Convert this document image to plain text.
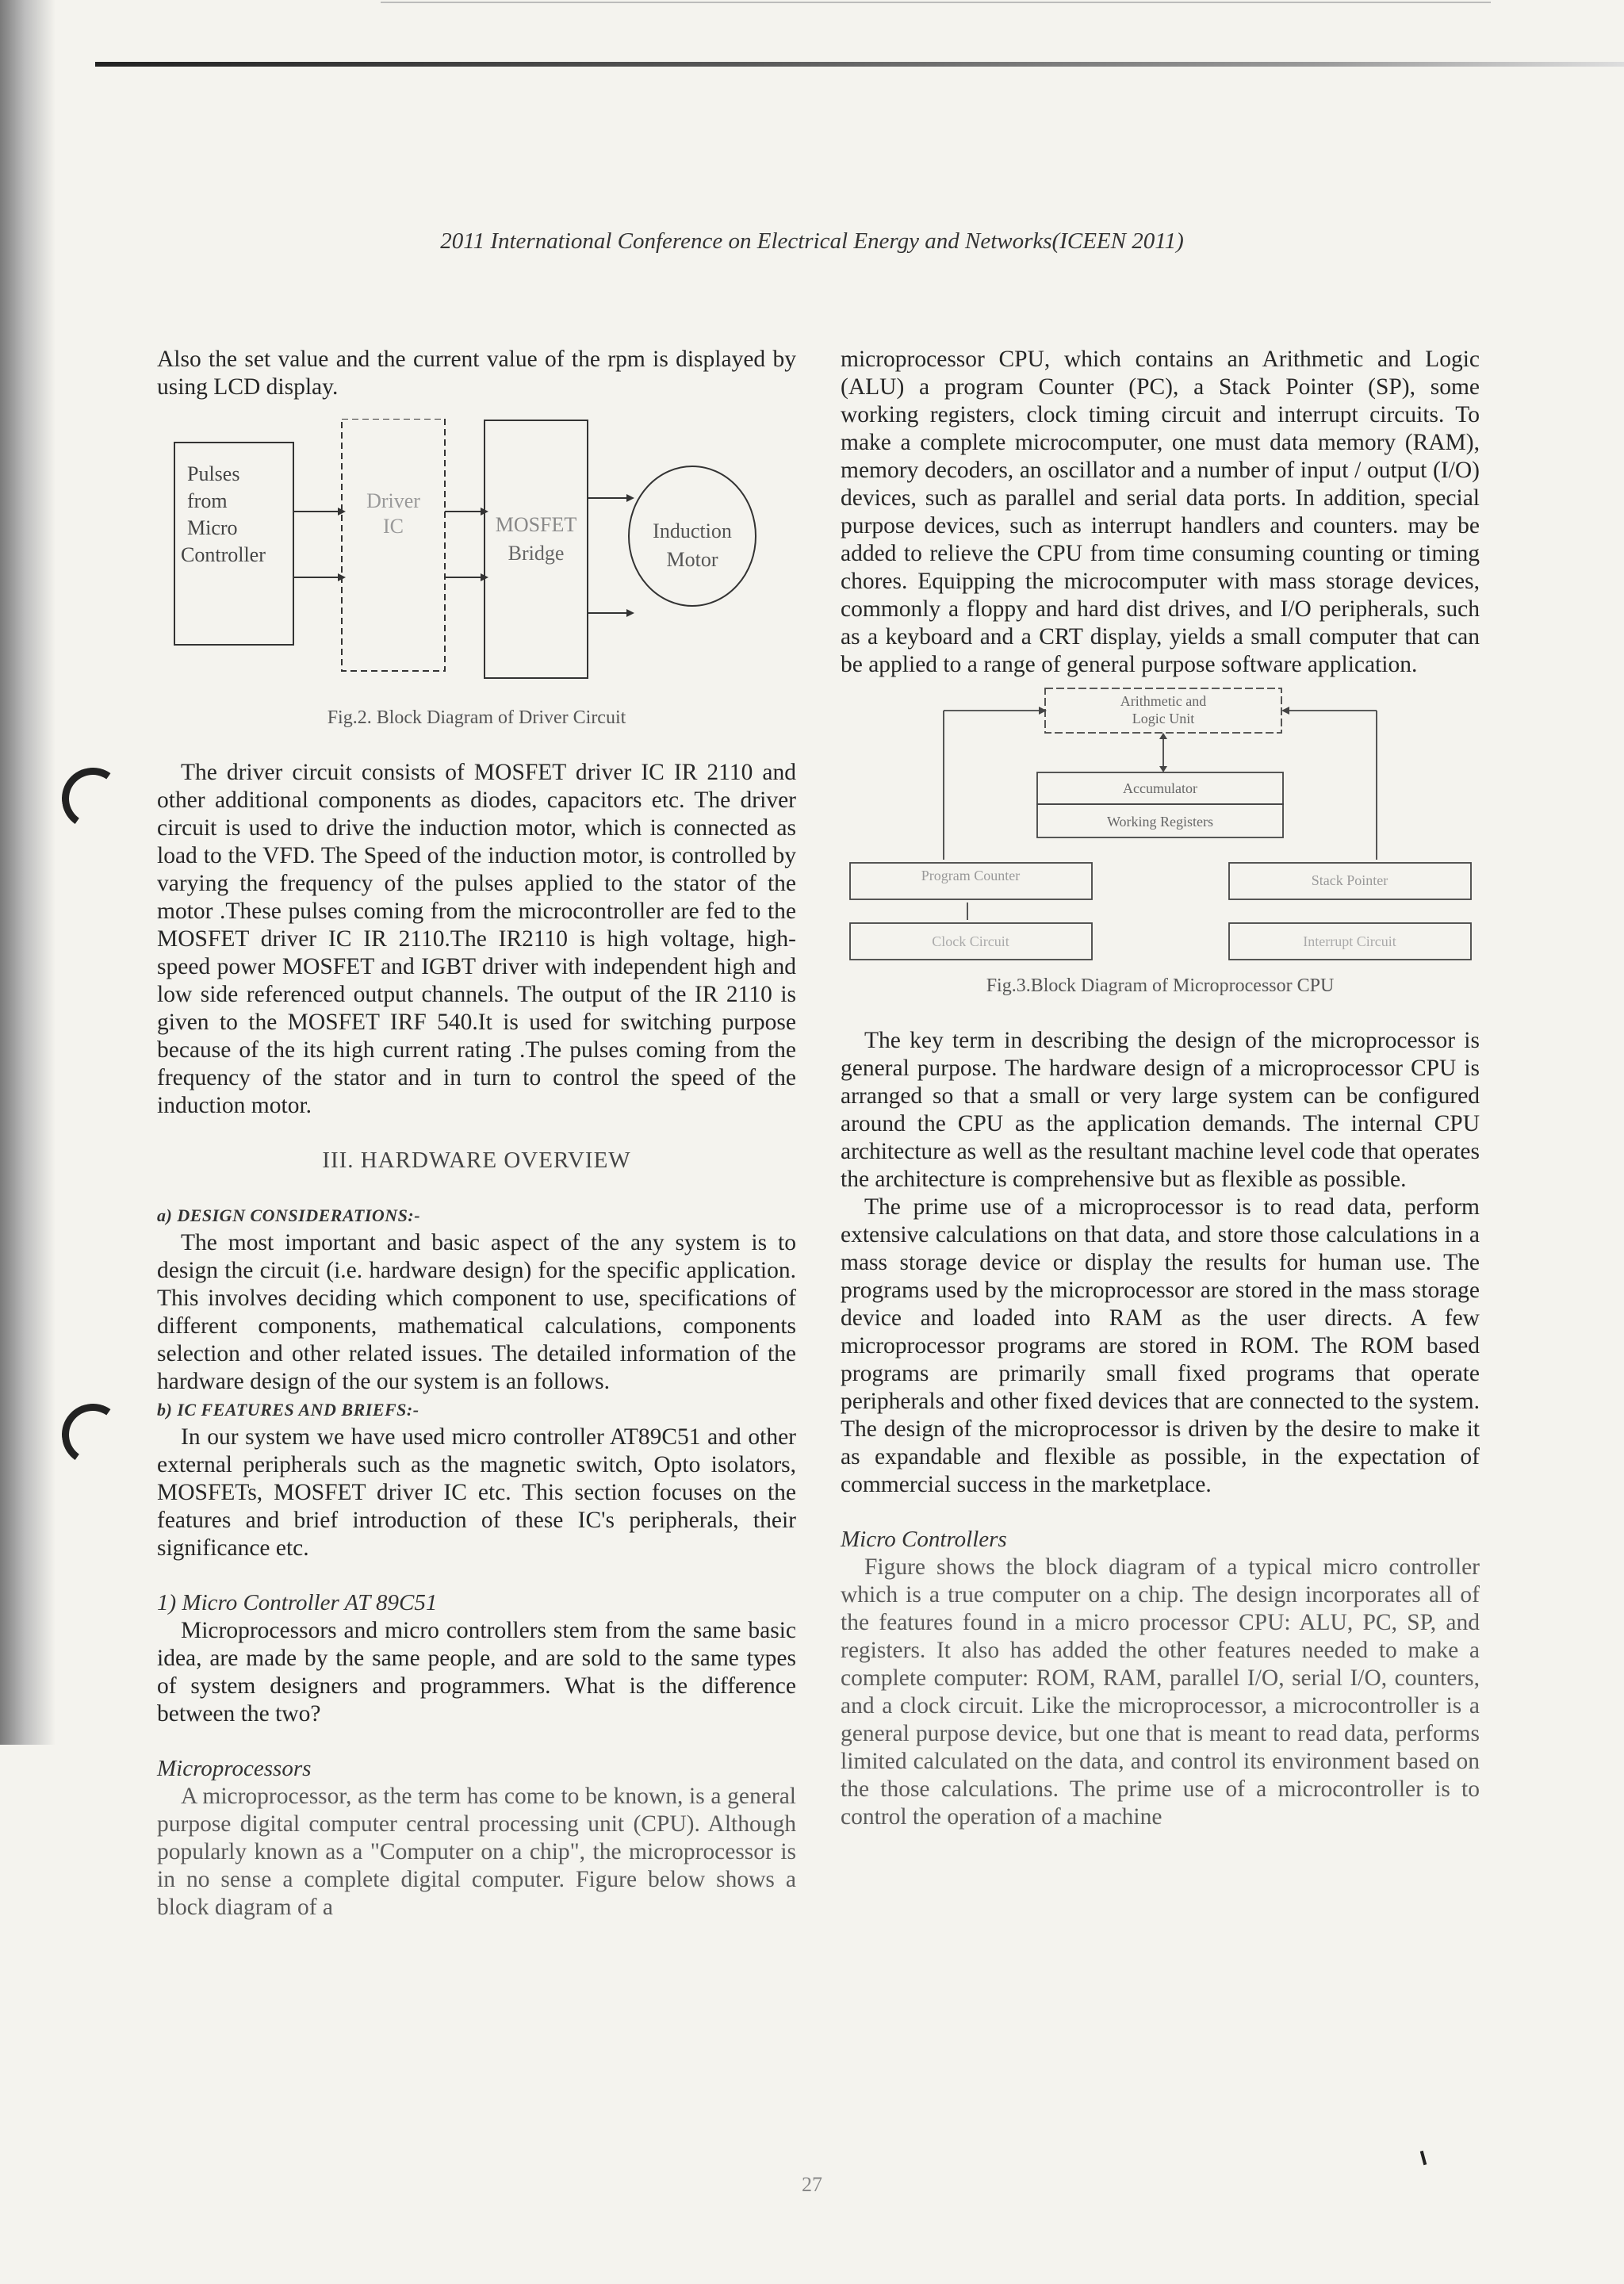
2011 International Conference on Electrical Energy and Networks(ICEEN 2011)

Also the set value and the current value of the rpm is displayed by using LCD display.

Pulses
from
Micro
Controller
Driver
IC	MOSFET
Bridge
Induction
Motor

Fig.2. Block Diagram of Driver Circuit

The driver circuit consists of MOSFET driver IC IR 2110 and other additional components as diodes, capacitors etc. The driver circuit is used to drive the induction motor, which is connected as load to the VFD. The Speed of the induction motor, is controlled by varying the frequency of the pulses applied to the stator of the motor .These pulses coming from the microcontroller are fed to the MOSFET driver IC IR 2110.The IR2110 is high voltage, high- speed power MOSFET and IGBT driver with independent high and low side referenced output channels. The output of the IR 2110 is given to the MOSFET IRF 540.It is used for switching purpose because of the its high current rating .The pulses coming from the frequency of the stator and in turn to control the speed of the induction motor.

III. HARDWARE OVERVIEW

a) DESIGN CONSIDERATIONS:-

The most important and basic aspect of the any system is to design the circuit (i.e. hardware design) for the specific application. This involves deciding which component to use, specifications of different components, mathematical calculations, components selection and other related issues. The detailed information of the hardware design of the our system is an follows.

b) IC FEATURES AND BRIEFS:-

In our system we have used micro controller AT89C51 and other external peripherals such as the magnetic switch, Opto isolators, MOSFETs, MOSFET driver IC etc. This section focuses on the features and brief introduction of these IC's peripherals, their significance etc.

1) Micro Controller AT 89C51

Microprocessors and micro controllers stem from the same basic idea, are made by the same people, and are sold to the same types of system designers and programmers. What is the difference between the two?

Microprocessors

A microprocessor, as the term has come to be known, is a general purpose digital computer central processing unit (CPU). Although popularly known as a "Computer on a chip", the microprocessor is in no sense a complete digital computer. Figure below shows a block diagram of a

microprocessor CPU, which contains an Arithmetic and Logic (ALU) a program Counter (PC), a Stack Pointer (SP), some working registers, clock timing circuit and interrupt circuits. To make a complete microcomputer, one must data memory (RAM), memory decoders, an oscillator and a number of input / output (I/O) devices, such as parallel and serial data ports. In addition, special purpose devices, such as interrupt handlers and counters. may be added to relieve the CPU from time consuming counting or timing chores. Equipping the microcomputer with mass storage devices, commonly a floppy and hard dist drives, and I/O peripherals, such as a keyboard and a CRT display, yields a small computer that can be applied to a range of general purpose software application.

Arithmetic and
Logic Unit
Accumulator
Working Registers
Program Counter	Stack Pointer
Clock Circuit	Interrupt Circuit

Fig.3.Block Diagram of Microprocessor CPU

The key term in describing the design of the microprocessor is general purpose. The hardware design of a microprocessor CPU is arranged so that a small or very large system can be configured around the CPU as the application demands. The internal CPU architecture as well as the resultant machine level code that operates the architecture is comprehensive but as flexible as possible.

The prime use of a microprocessor is to read data, perform extensive calculations on that data, and store those calculations in a mass storage device or display the results for human use. The programs used by the microprocessor are stored in the mass storage device and loaded into RAM as the user directs. A few microprocessor programs are stored in ROM. The ROM based programs are primarily small fixed programs that operate peripherals and other fixed devices that are connected to the system. The design of the microprocessor is driven by the desire to make it as expandable and flexible as possible, in the expectation of commercial success in the marketplace.

Micro Controllers

Figure shows the block diagram of a typical micro controller which is a true computer on a chip. The design incorporates all of the features found in a micro processor CPU: ALU, PC, SP, and registers. It also has added the other features needed to make a complete computer: ROM, RAM, parallel I/O, serial I/O, counters, and a clock circuit. Like the microprocessor, a microcontroller is a general purpose device, but one that is meant to read data, performs limited calculated on the data, and control its environment based on the those calculations. The prime use of a microcontroller is to control the operation of a machine

27
